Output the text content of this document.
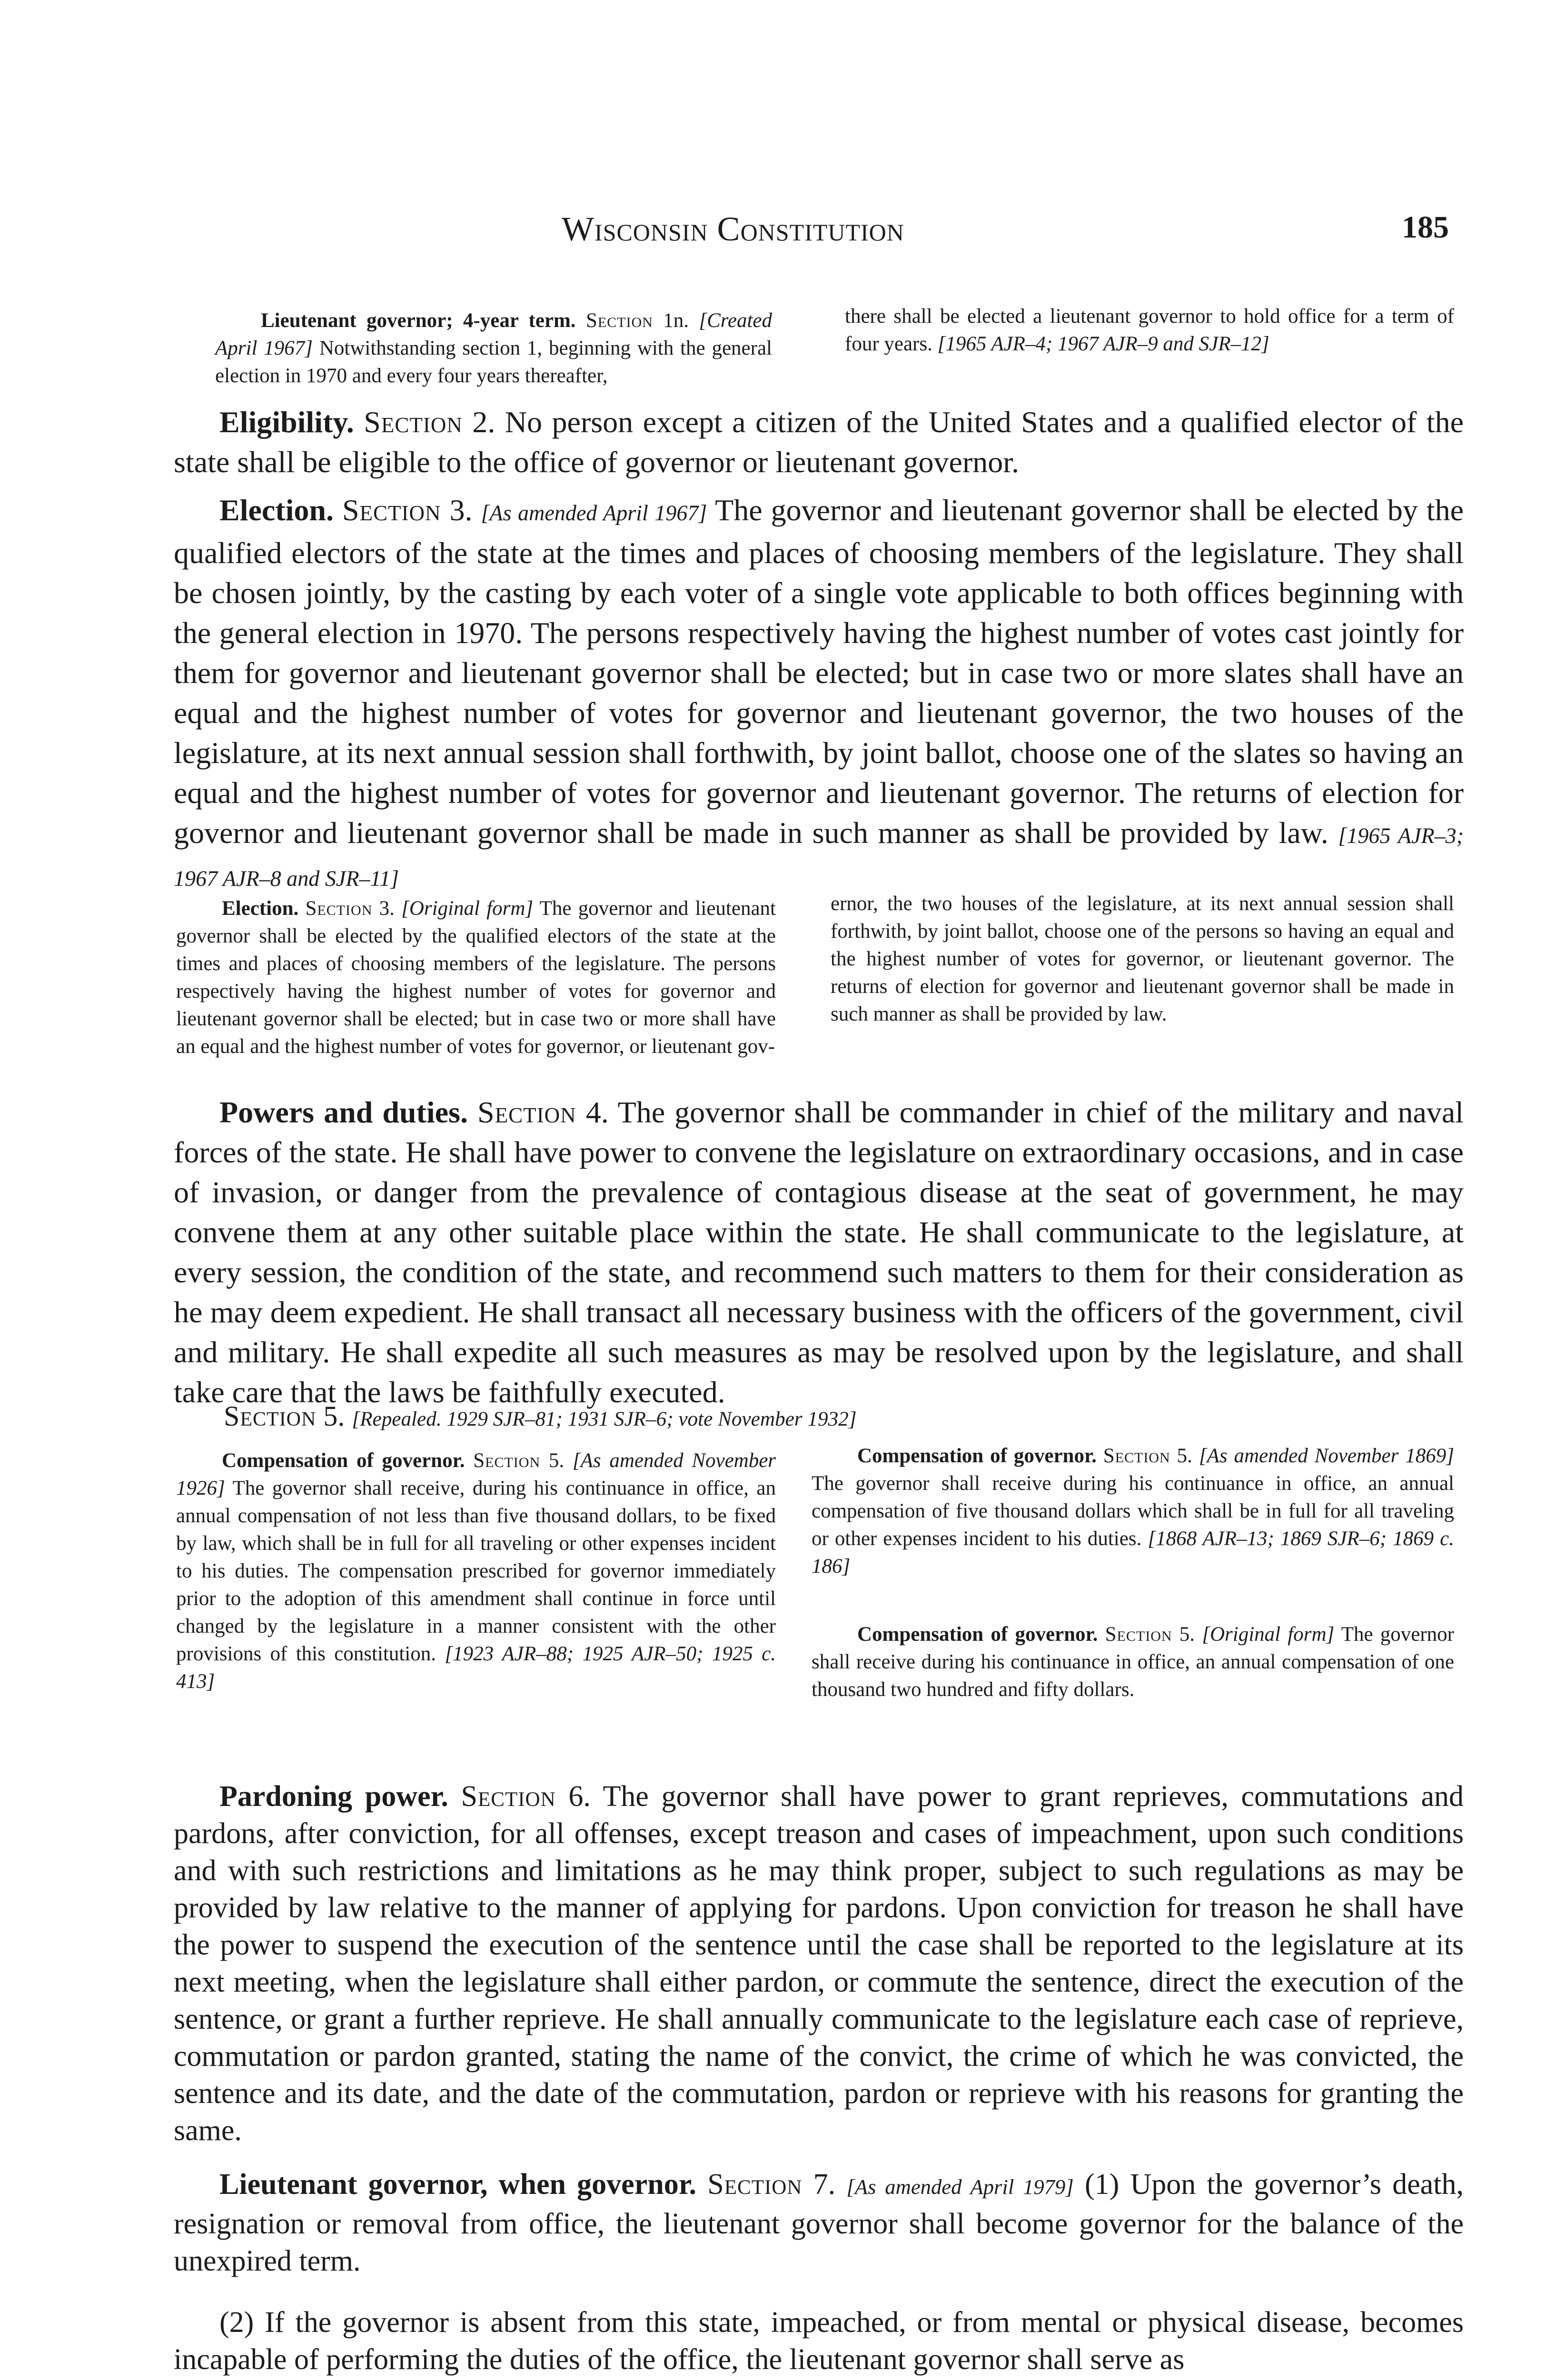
Wisconsin Constitution	185

Lieutenant governor; 4-year term. Section 1n. [Created April 1967] Notwithstanding section 1, beginning with the general election in 1970 and every four years thereafter,

there shall be elected a lieutenant governor to hold office for a term of four years. [1965 AJR–4; 1967 AJR–9 and SJR–12]

Eligibility. Section 2. No person except a citizen of the United States and a qualified elector of the state shall be eligible to the office of governor or lieutenant governor.
Election. Section 3. [As amended April 1967] The governor and lieutenant governor shall be elected by the qualified electors of the state at the times and places of choosing members of the legislature. They shall be chosen jointly, by the casting by each voter of a single vote applicable to both offices beginning with the general election in 1970. The persons respectively having the highest number of votes cast jointly for them for governor and lieutenant governor shall be elected; but in case two or more slates shall have an equal and the highest number of votes for governor and lieutenant governor, the two houses of the legislature, at its next annual session shall forthwith, by joint ballot, choose one of the slates so having an equal and the highest number of votes for governor and lieutenant governor. The returns of election for governor and lieutenant governor shall be made in such manner as shall be provided by law. [1965 AJR–3; 1967 AJR–8 and SJR–11]

Election. Section 3. [Original form] The governor and lieutenant governor shall be elected by the qualified electors of the state at the times and places of choosing members of the legislature. The persons respectively having the highest number of votes for governor and lieutenant governor shall be elected; but in case two or more shall have an equal and the highest number of votes for governor, or lieutenant gov-

ernor, the two houses of the legislature, at its next annual session shall forthwith, by joint ballot, choose one of the persons so having an equal and the highest number of votes for governor, or lieutenant governor. The returns of election for governor and lieutenant governor shall be made in such manner as shall be provided by law.

Powers and duties. Section 4. The governor shall be commander in chief of the military and naval forces of the state. He shall have power to convene the legislature on extraordinary occasions, and in case of invasion, or danger from the prevalence of contagious disease at the seat of government, he may convene them at any other suitable place within the state. He shall communicate to the legislature, at every session, the condition of the state, and recommend such matters to them for their consideration as he may deem expedient. He shall transact all necessary business with the officers of the government, civil and military. He shall expedite all such measures as may be resolved upon by the legislature, and shall take care that the laws be faithfully executed.
Section 5. [Repealed. 1929 SJR–81; 1931 SJR–6; vote November 1932]

Compensation of governor. Section 5. [As amended November 1926] The governor shall receive, during his continuance in office, an annual compensation of not less than five thousand dollars, to be fixed by law, which shall be in full for all traveling or other expenses incident to his duties. The compensation prescribed for governor immediately prior to the adoption of this amendment shall continue in force until changed by the legislature in a manner consistent with the other provisions of this constitution. [1923 AJR–88; 1925 AJR–50; 1925 c. 413]

Compensation of governor. Section 5. [As amended November 1869] The governor shall receive during his continuance in office, an annual compensation of five thousand dollars which shall be in full for all traveling or other expenses incident to his duties. [1868 AJR–13; 1869 SJR–6; 1869 c. 186]

Compensation of governor. Section 5. [Original form] The governor shall receive during his continuance in office, an annual compensation of one thousand two hundred and fifty dollars.

Pardoning power. Section 6. The governor shall have power to grant reprieves, commutations and pardons, after conviction, for all offenses, except treason and cases of impeachment, upon such conditions and with such restrictions and limitations as he may think proper, subject to such regulations as may be provided by law relative to the manner of applying for pardons. Upon conviction for treason he shall have the power to suspend the execution of the sentence until the case shall be reported to the legislature at its next meeting, when the legislature shall either pardon, or commute the sentence, direct the execution of the sentence, or grant a further reprieve. He shall annually communicate to the legislature each case of reprieve, commutation or pardon granted, stating the name of the convict, the crime of which he was convicted, the sentence and its date, and the date of the commutation, pardon or reprieve with his reasons for granting the same.
Lieutenant governor, when governor. Section 7. [As amended April 1979] (1) Upon the governor’s death, resignation or removal from office, the lieutenant governor shall become governor for the balance of the unexpired term.
(2) If the governor is absent from this state, impeached, or from mental or physical disease, becomes incapable of performing the duties of the office, the lieutenant governor shall serve as
